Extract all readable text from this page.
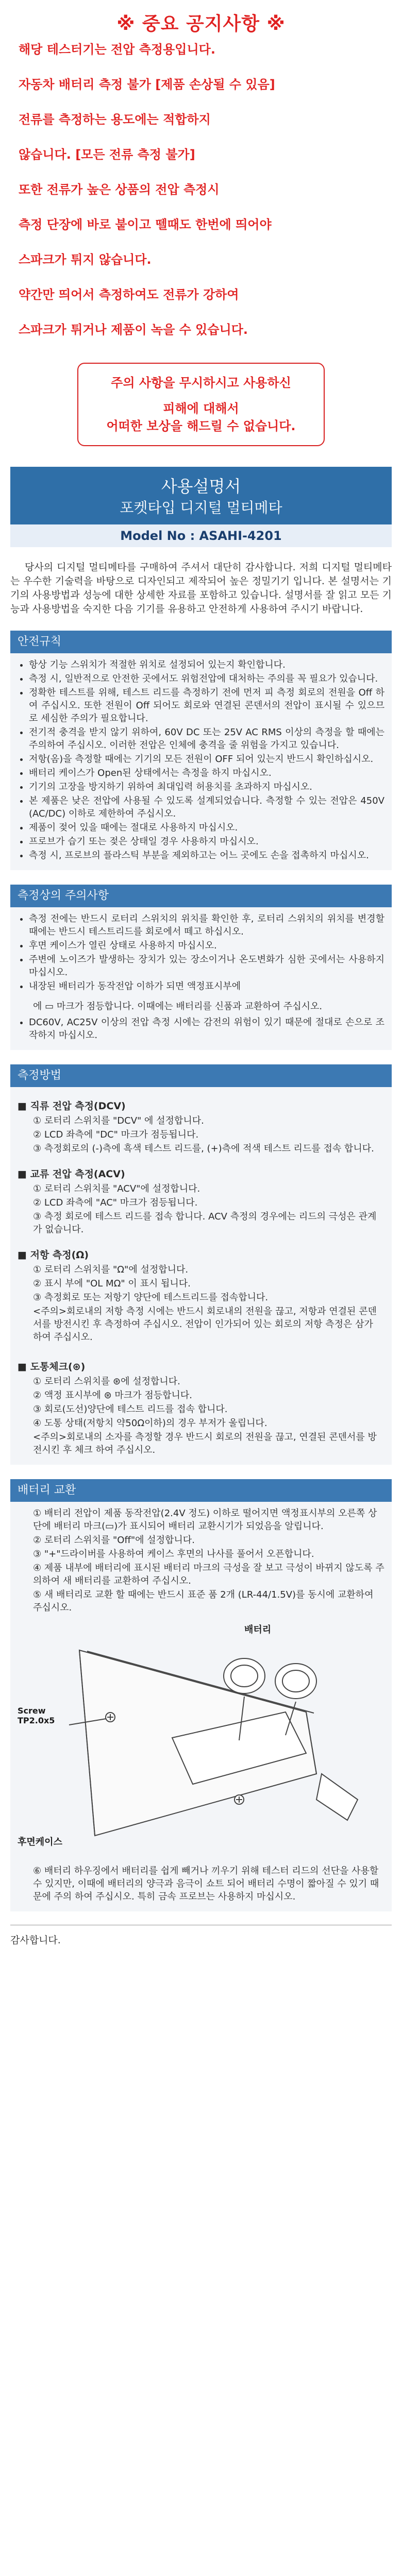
※ 중요 공지사항 ※
해당 테스터기는 전압 측정용입니다.
자동차 배터리 측정 불가 [제품 손상될 수 있음]
전류를 측정하는 용도에는 적합하지
않습니다. [모든 전류 측정 불가]
또한 전류가 높은 상품의 전압 측정시
측정 단장에 바로 붙이고 뗄때도 한번에 띄어야
스파크가 튀지 않습니다.
약간만 띄어서 측정하여도 전류가 강하여
스파크가 튀거나 제품이 녹을 수 있습니다.
주의 사항을 무시하시고 사용하신
피해에 대해서
어떠한 보상을 해드릴 수 없습니다.
사용설명서
포켓타입 디지털 멀티메타
Model No : ASAHI-4201
당사의 디지털 멀티메타를 구매하여 주셔서 대단히 감사합니다. 저희 디지털 멀티메타는 우수한 기술력을 바탕으로 디자인되고 제작되어 높은 정밀기기 입니다. 본 설명서는 기기의 사용방법과 성능에 대한 상세한 자료를 포함하고 있습니다. 설명서를 잘 읽고 모든 기능과 사용방법을 숙지한 다음 기기를 유용하고 안전하게 사용하여 주시기 바랍니다.
안전규칙
• 항상 기능 스위치가 적절한 위치로 설정되어 있는지 확인합니다.
• 측정 시, 일반적으로 안전한 곳에서도 위험전압에 대처하는 주의를 꼭 필요가 있습니다.
• 정확한 테스트를 위해, 테스트 리드를 측정하기 전에 먼저 피 측정 회로의 전원을 Off 하여 주십시오. 또한 전원이 Off 되어도 회로와 연결된 콘덴서의 전압이 표시될 수 있으므로 세심한 주의가 필요합니다.
• 전기적 충격을 받지 않기 위하여, 60V DC 또는 25V AC RMS 이상의 측정을 할 때에는 주의하여 주십시오. 이러한 전압은 인체에 충격을 줄 위험을 가지고 있습니다.
• 저항(옴)을 측정할 때에는 기기의 모든 전원이 OFF 되어 있는지 반드시 확인하십시오.
• 배터리 케이스가 Open된 상태에서는 측정을 하지 마십시오.
• 기기의 고장을 방지하기 위하여 최대입력 허용치를 초과하지 마십시오.
• 본 제품은 낮은 전압에 사용될 수 있도록 설계되었습니다. 측정할 수 있는 전압은 450V (AC/DC) 이하로 제한하여 주십시오.
• 제품이 젖어 있을 때에는 절대로 사용하지 마십시오.
• 프로브가 습기 또는 젖은 상태일 경우 사용하지 마십시오.
• 측정 시, 프로브의 플라스틱 부분을 제외하고는 어느 곳에도 손을 접촉하지 마십시오.
측정상의 주의사항
• 측정 전에는 반드시 로터리 스위치의 위치를 확인한 후, 로터리 스위치의 위치를 변경할 때에는 반드시 테스트리드를 회로에서 떼고 하십시오.
• 후면 케이스가 열린 상태로 사용하지 마십시오.
• 주변에 노이즈가 발생하는 장치가 있는 장소이거나 온도변화가 심한 곳에서는 사용하지 마십시오.
• 내장된 배터리가 동작전압 이하가 되면 액정표시부에
에 ▭ 마크가 점등합니다. 이때에는 배터리를 신품과 교환하여 주십시오.
• DC60V, AC25V 이상의 전압 측정 시에는 감전의 위험이 있기 때문에 절대로 손으로 조작하지 마십시오.
측정방법
■ 직류 전압 측정(DCV)
① 로터리 스위치를 "DCV" 에 설정합니다.
② LCD 좌측에 "DC" 마크가 점등됩니다.
③ 측정회로의 (-)측에 흑색 테스트 리드를, (+)측에 적색 테스트 리드를 접속 합니다.
■ 교류 전압 측정(ACV)
① 로터리 스위치를 "ACV"에 설정합니다.
② LCD 좌측에 "AC" 마크가 점등됩니다.
③ 측정 회로에 테스트 리드를 접속 합니다. ACV 측정의 경우에는 리드의 극성은 관계가 없습니다.
■ 저항 측정(Ω)
① 로터리 스위치를 "Ω"에 설정합니다.
② 표시 부에 "OL MΩ" 이 표시 됩니다.
③ 측정회로 또는 저항기 양단에 테스트리드를 접속합니다.
<주의>회로내의 저항 측정 시에는 반드시 회로내의 전원을 끊고, 저항과 연결된 콘덴서를 방전시킨 후 측정하여 주십시오. 전압이 인가되어 있는 회로의 저항 측정은 삼가 하여 주십시오.
■ 도통체크(⊛)
① 로터리 스위치를 ⊛에 설정합니다.
② 액정 표시부에 ⊛ 마크가 점등합니다.
③ 회로(도선)양단에 테스트 리드를 접속 합니다.
④ 도통 상태(저항치 약50Ω이하)의 경우 부저가 울립니다.
<주의>회로내의 소자를 측정할 경우 반드시 회로의 전원을 끊고, 연결된 콘덴서를 방전시킨 후 체크 하여 주십시오.
배터리 교환
① 배터리 전압이 제품 동작전압(2.4V 정도) 이하로 떨어지면 액정표시부의 오른쪽 상단에 배터리 마크(▭)가 표시되어 배터리 교환시기가 되었음을 알립니다.
② 로터리 스위치를 "Off"에 설정합니다.
③ "+"드라이버를 사용하여 케이스 후면의 나사를 풀어서 오픈합니다.
④ 제품 내부에 배터리에 표시된 배터리 마크의 극성을 잘 보고 극성이 바뀌지 않도록 주의하여 새 배터리를 교환하여 주십시오.
⑤ 새 배터리로 교환 할 때에는 반드시 표준 품 2개 (LR-44/1.5V)를 동시에 교환하여 주십시오.
배터리
Screw TP2.0x5
후면케이스
⑥ 배터리 하우징에서 배터리를 쉽게 빼거나 끼우기 위해 테스터 리드의 선단을 사용할 수 있지만, 이때에 배터리의 양극과 음극이 쇼트 되어 배터리 수명이 짧아질 수 있기 때문에 주의 하여 주십시오. 특히 금속 프로브는 사용하지 마십시오.
감사합니다.
